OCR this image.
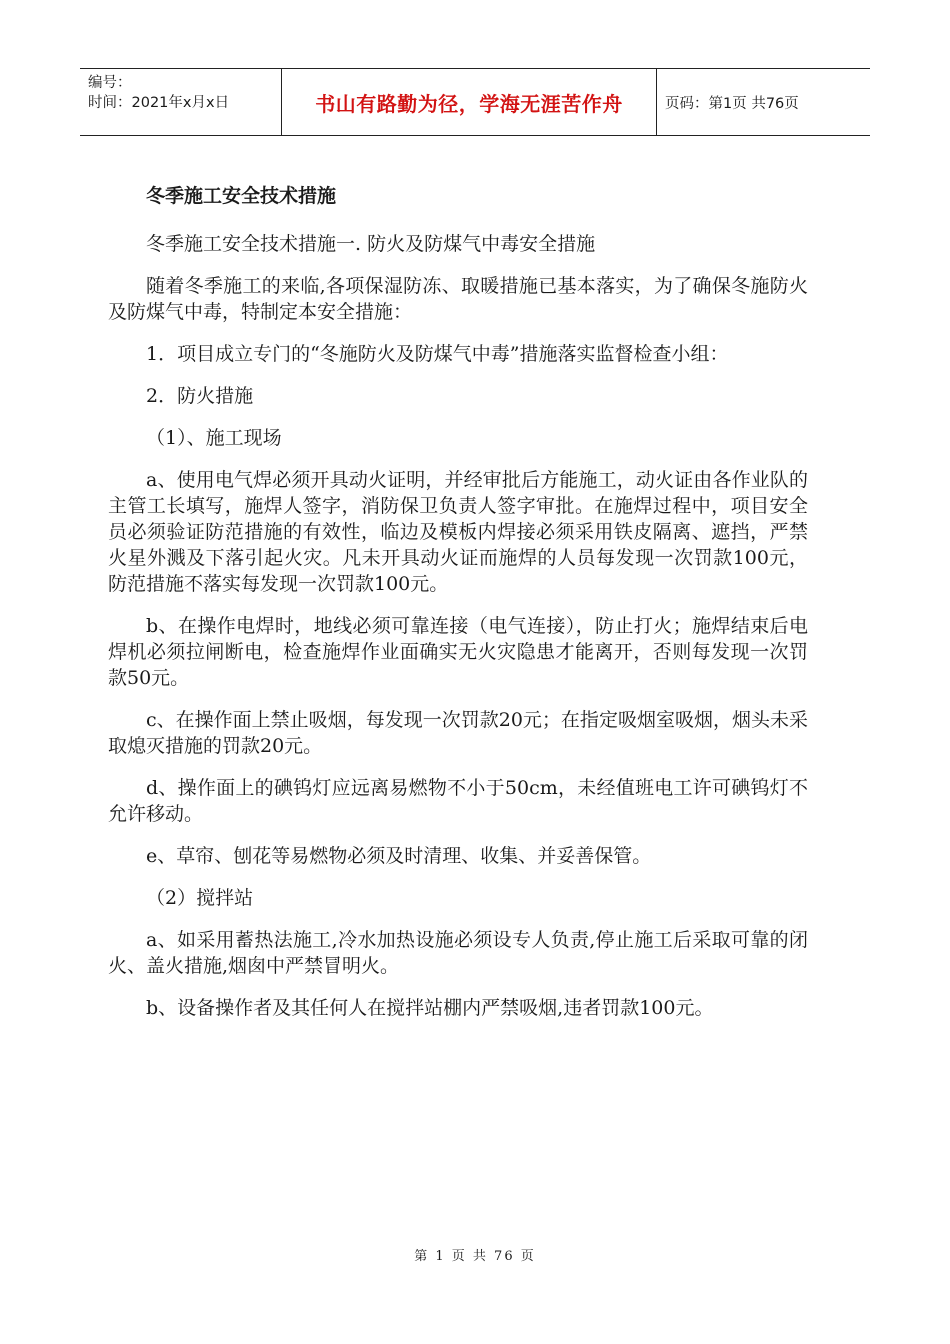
编号：
时间：2021年x月x日	书山有路勤为径，学海无涯苦作舟	页码：第1页 共76页
冬季施工安全技术措施

冬季施工安全技术措施一. 防火及防煤气中毒安全措施

随着冬季施工的来临,各项保湿防冻、取暖措施已基本落实，为了确保冬施防火及防煤气中毒，特制定本安全措施：

1．项目成立专门的“冬施防火及防煤气中毒”措施落实监督检查小组：

2．防火措施

（1）、施工现场

a、使用电气焊必须开具动火证明，并经审批后方能施工，动火证由各作业队的主管工长填写，施焊人签字，消防保卫负责人签字审批。在施焊过程中，项目安全员必须验证防范措施的有效性，临边及模板内焊接必须采用铁皮隔离、遮挡，严禁火星外溅及下落引起火灾。凡未开具动火证而施焊的人员每发现一次罚款100元，防范措施不落实每发现一次罚款100元。

b、在操作电焊时，地线必须可靠连接（电气连接），防止打火；施焊结束后电焊机必须拉闸断电，检查施焊作业面确实无火灾隐患才能离开，否则每发现一次罚款50元。

c、在操作面上禁止吸烟，每发现一次罚款20元；在指定吸烟室吸烟，烟头未采取熄灭措施的罚款20元。

d、操作面上的碘钨灯应远离易燃物不小于50cm，未经值班电工许可碘钨灯不允许移动。

e、草帘、刨花等易燃物必须及时清理、收集、并妥善保管。

（2）搅拌站

a、如采用蓄热法施工,冷水加热设施必须设专人负责,停止施工后采取可靠的闭火、盖火措施,烟囱中严禁冒明火。

b、设备操作者及其任何人在搅拌站棚内严禁吸烟,违者罚款100元。

第 1 页 共 76 页
